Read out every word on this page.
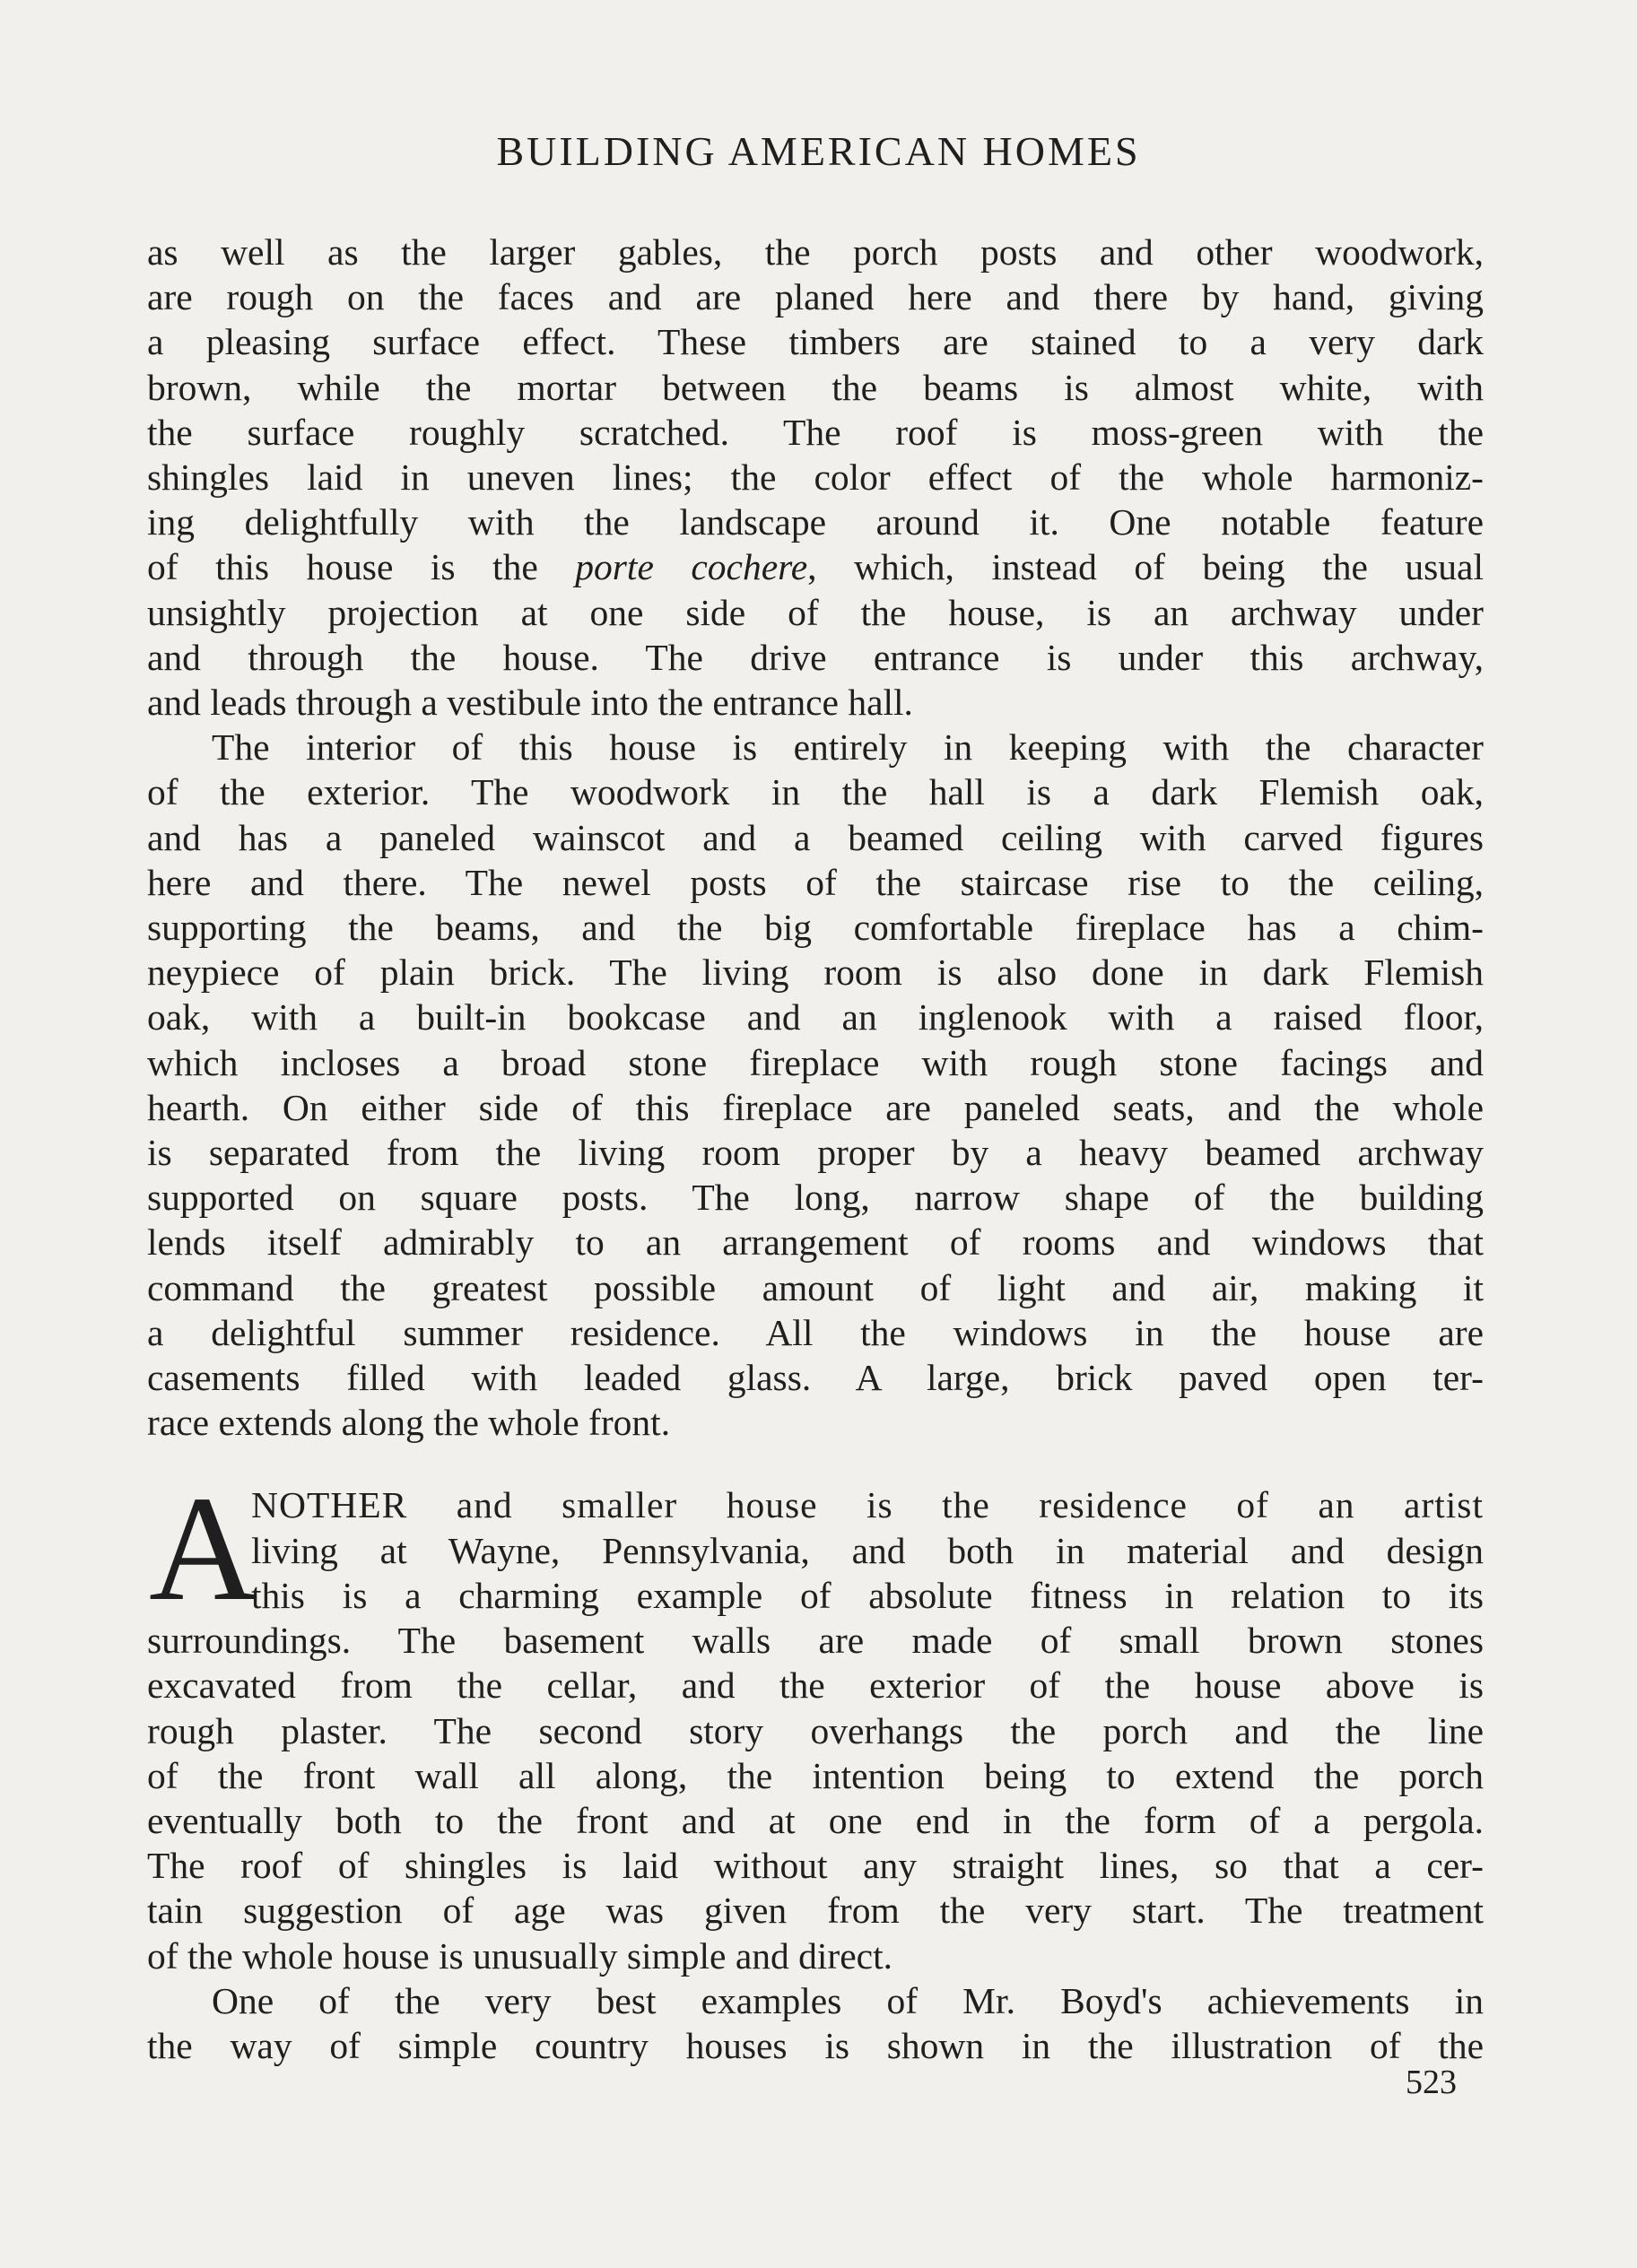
BUILDING AMERICAN HOMES
as well as the larger gables, the porch posts and other woodwork,
are rough on the faces and are planed here and there by hand, giving
a pleasing surface effect. These timbers are stained to a very dark
brown, while the mortar between the beams is almost white, with
the surface roughly scratched. The roof is moss-green with the
shingles laid in uneven lines; the color effect of the whole harmoniz-
ing delightfully with the landscape around it. One notable feature
of this house is the porte cochere, which, instead of being the usual
unsightly projection at one side of the house, is an archway under
and through the house. The drive entrance is under this archway,
and leads through a vestibule into the entrance hall.
The interior of this house is entirely in keeping with the character
of the exterior. The woodwork in the hall is a dark Flemish oak,
and has a paneled wainscot and a beamed ceiling with carved figures
here and there. The newel posts of the staircase rise to the ceiling,
supporting the beams, and the big comfortable fireplace has a chim-
neypiece of plain brick. The living room is also done in dark Flemish
oak, with a built-in bookcase and an inglenook with a raised floor,
which incloses a broad stone fireplace with rough stone facings and
hearth. On either side of this fireplace are paneled seats, and the whole
is separated from the living room proper by a heavy beamed archway
supported on square posts. The long, narrow shape of the building
lends itself admirably to an arrangement of rooms and windows that
command the greatest possible amount of light and air, making it
a delightful summer residence. All the windows in the house are
casements filled with leaded glass. A large, brick paved open ter-
race extends along the whole front.
A
NOTHER and smaller house is the residence of an artist
living at Wayne, Pennsylvania, and both in material and design
this is a charming example of absolute fitness in relation to its
surroundings. The basement walls are made of small brown stones
excavated from the cellar, and the exterior of the house above is
rough plaster. The second story overhangs the porch and the line
of the front wall all along, the intention being to extend the porch
eventually both to the front and at one end in the form of a pergola.
The roof of shingles is laid without any straight lines, so that a cer-
tain suggestion of age was given from the very start. The treatment
of the whole house is unusually simple and direct.
One of the very best examples of Mr. Boyd's achievements in
the way of simple country houses is shown in the illustration of the
523
